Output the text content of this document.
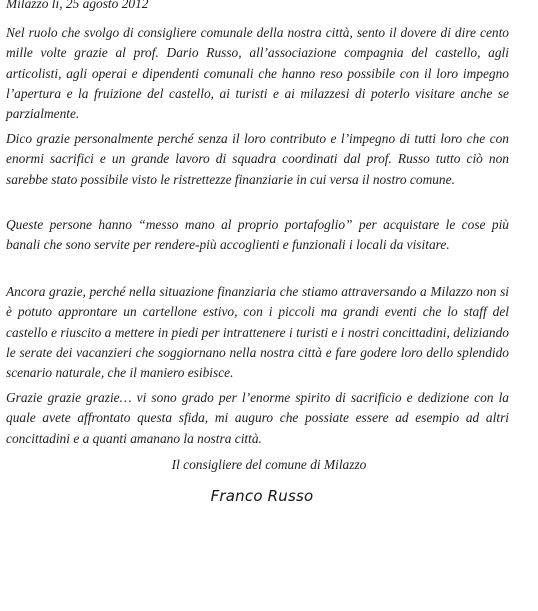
Milazzo lì, 25 agosto 2012

Nel ruolo che svolgo di consigliere comunale della nostra città, sento il dovere di dire cento mille volte grazie al prof. Dario Russo, all’associazione compagnia del castello, agli articolisti, agli operai e dipendenti comunali che hanno reso possibile con il loro impegno l’apertura e la fruizione del castello, ai turisti e ai milazzesi di poterlo visitare anche se parzialmente.

Dico grazie personalmente perché senza il loro contributo e l’impegno di tutti loro che con enormi sacrifici e un grande lavoro di squadra coordinati dal prof. Russo tutto ciò non sarebbe stato possibile visto le ristrettezze finanziarie in cui versa il nostro comune.

Queste persone hanno “messo mano al proprio portafoglio” per acquistare le cose più banali che sono servite per rendere-più accoglienti e funzionali i locali da visitare.

Ancora grazie, perché nella situazione finanziaria che stiamo attraversando a Milazzo non si è potuto approntare un cartellone estivo, con i piccoli ma grandi eventi che lo staff del castello e riuscito a mettere in piedi per intrattenere i turisti e i nostri concittadini, deliziando le serate dei vacanzieri che soggiornano nella nostra città e fare godere loro dello splendido scenario naturale, che il maniero esibisce.

Grazie grazie grazie… vi sono grado per l’enorme spirito di sacrificio e dedizione con la quale avete affrontato questa sfida, mi auguro che possiate essere ad esempio ad altri concittadini e a quanti amanano la nostra città.

Il consigliere del comune di Milazzo
Franco Russo
